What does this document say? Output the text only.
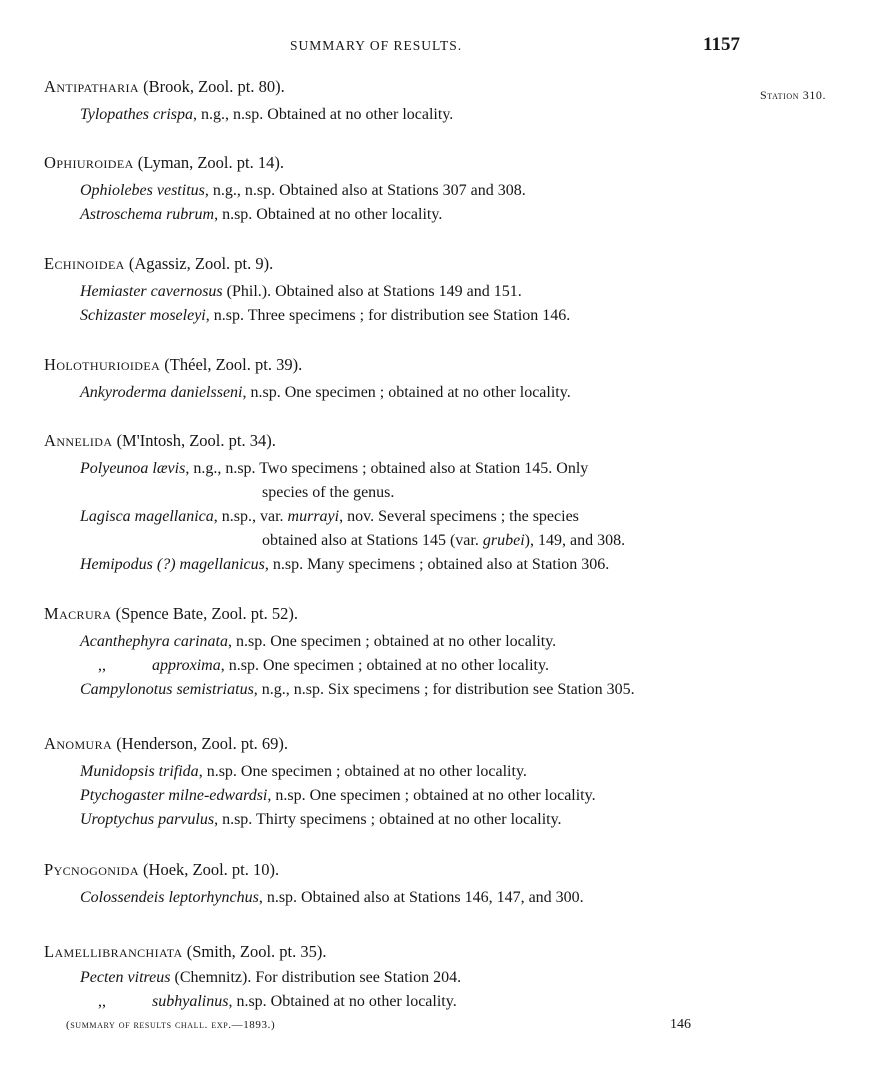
SUMMARY OF RESULTS.	1157
Station 310.
Antipatharia (Brook, Zool. pt. 80).
Tylopathes crispa, n.g., n.sp. Obtained at no other locality.
Ophiuroidea (Lyman, Zool. pt. 14).
Ophiolebes vestitus, n.g., n.sp. Obtained also at Stations 307 and 308.
Astroschema rubrum, n.sp. Obtained at no other locality.
Echinoidea (Agassiz, Zool. pt. 9).
Hemiaster cavernosus (Phil.). Obtained also at Stations 149 and 151.
Schizaster moseleyi, n.sp. Three specimens ; for distribution see Station 146.
Holothurioidea (Théel, Zool. pt. 39).
Ankyroderma danielsseni, n.sp. One specimen ; obtained at no other locality.
Annelida (M'Intosh, Zool. pt. 34).
Polyeunoa lævis, n.g., n.sp. Two specimens ; obtained also at Station 145. Only
species of the genus.
Lagisca magellanica, n.sp., var. murrayi, nov. Several specimens ; the species
obtained also at Stations 145 (var. grubei), 149, and 308.
Hemipodus (?) magellanicus, n.sp. Many specimens ; obtained also at Station 306.
Macrura (Spence Bate, Zool. pt. 52).
Acanthephyra carinata, n.sp. One specimen ; obtained at no other locality.
,,	approxima, n.sp. One specimen ; obtained at no other locality.
Campylonotus semistriatus, n.g., n.sp. Six specimens ; for distribution see Station 305.
Anomura (Henderson, Zool. pt. 69).
Munidopsis trifida, n.sp. One specimen ; obtained at no other locality.
Ptychogaster milne-edwardsi, n.sp. One specimen ; obtained at no other locality.
Uroptychus parvulus, n.sp. Thirty specimens ; obtained at no other locality.
Pycnogonida (Hoek, Zool. pt. 10).
Colossendeis leptorhynchus, n.sp. Obtained also at Stations 146, 147, and 300.
Lamellibranchiata (Smith, Zool. pt. 35).
Pecten vitreus (Chemnitz). For distribution see Station 204.
,,	subhyalinus, n.sp. Obtained at no other locality.
(summary of results chall. exp.—1893.)	146
